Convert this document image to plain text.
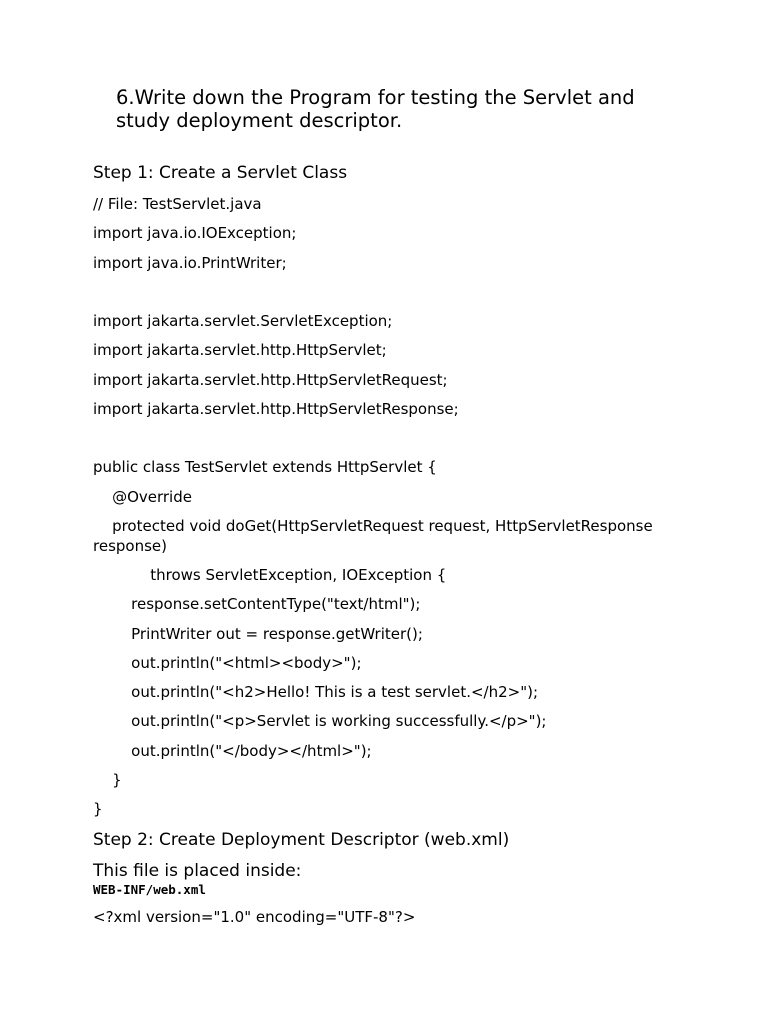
6.Write down the Program for testing the Servlet and
study deployment descriptor.
Step 1: Create a Servlet Class
// File: TestServlet.java
import java.io.IOException;
import java.io.PrintWriter;
import jakarta.servlet.ServletException;
import jakarta.servlet.http.HttpServlet;
import jakarta.servlet.http.HttpServletRequest;
import jakarta.servlet.http.HttpServletResponse;
public class TestServlet extends HttpServlet {
@Override
protected void doGet(HttpServletRequest request, HttpServletResponse
response)
throws ServletException, IOException {
response.setContentType("text/html");
PrintWriter out = response.getWriter();
out.println("<html><body>");
out.println("<h2>Hello! This is a test servlet.</h2>");
out.println("<p>Servlet is working successfully.</p>");
out.println("</body></html>");
}
}
Step 2: Create Deployment Descriptor (web.xml)
This file is placed inside:
WEB-INF/web.xml
<?xml version="1.0" encoding="UTF-8"?>
